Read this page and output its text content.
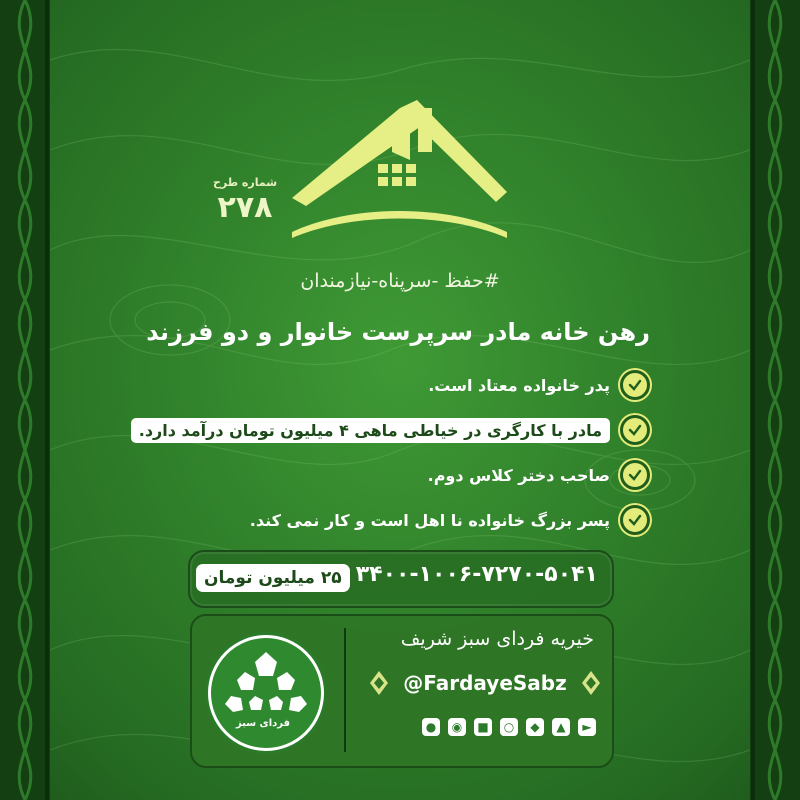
شماره طرح
۲۷۸
#حفظ -سرپناه-نیازمندان
رهن خانه مادر سرپرست خانوار و دو فرزند
پدر خانواده معتاد است.
مادر با کارگری در خیاطی ماهی ۴ میلیون تومان درآمد دارد.
صاحب دختر کلاس دوم.
پسر بزرگ خانواده نا اهل است و کار نمی کند.
۳۴۰۰-۱۰۰۶-۷۲۷۰-۵۰۴۱
۲۵ میلیون تومان
فردای سبز
خیریه فردای سبز شریف
@FardayeSabz
●	◉	■	○	◆	▲	►
